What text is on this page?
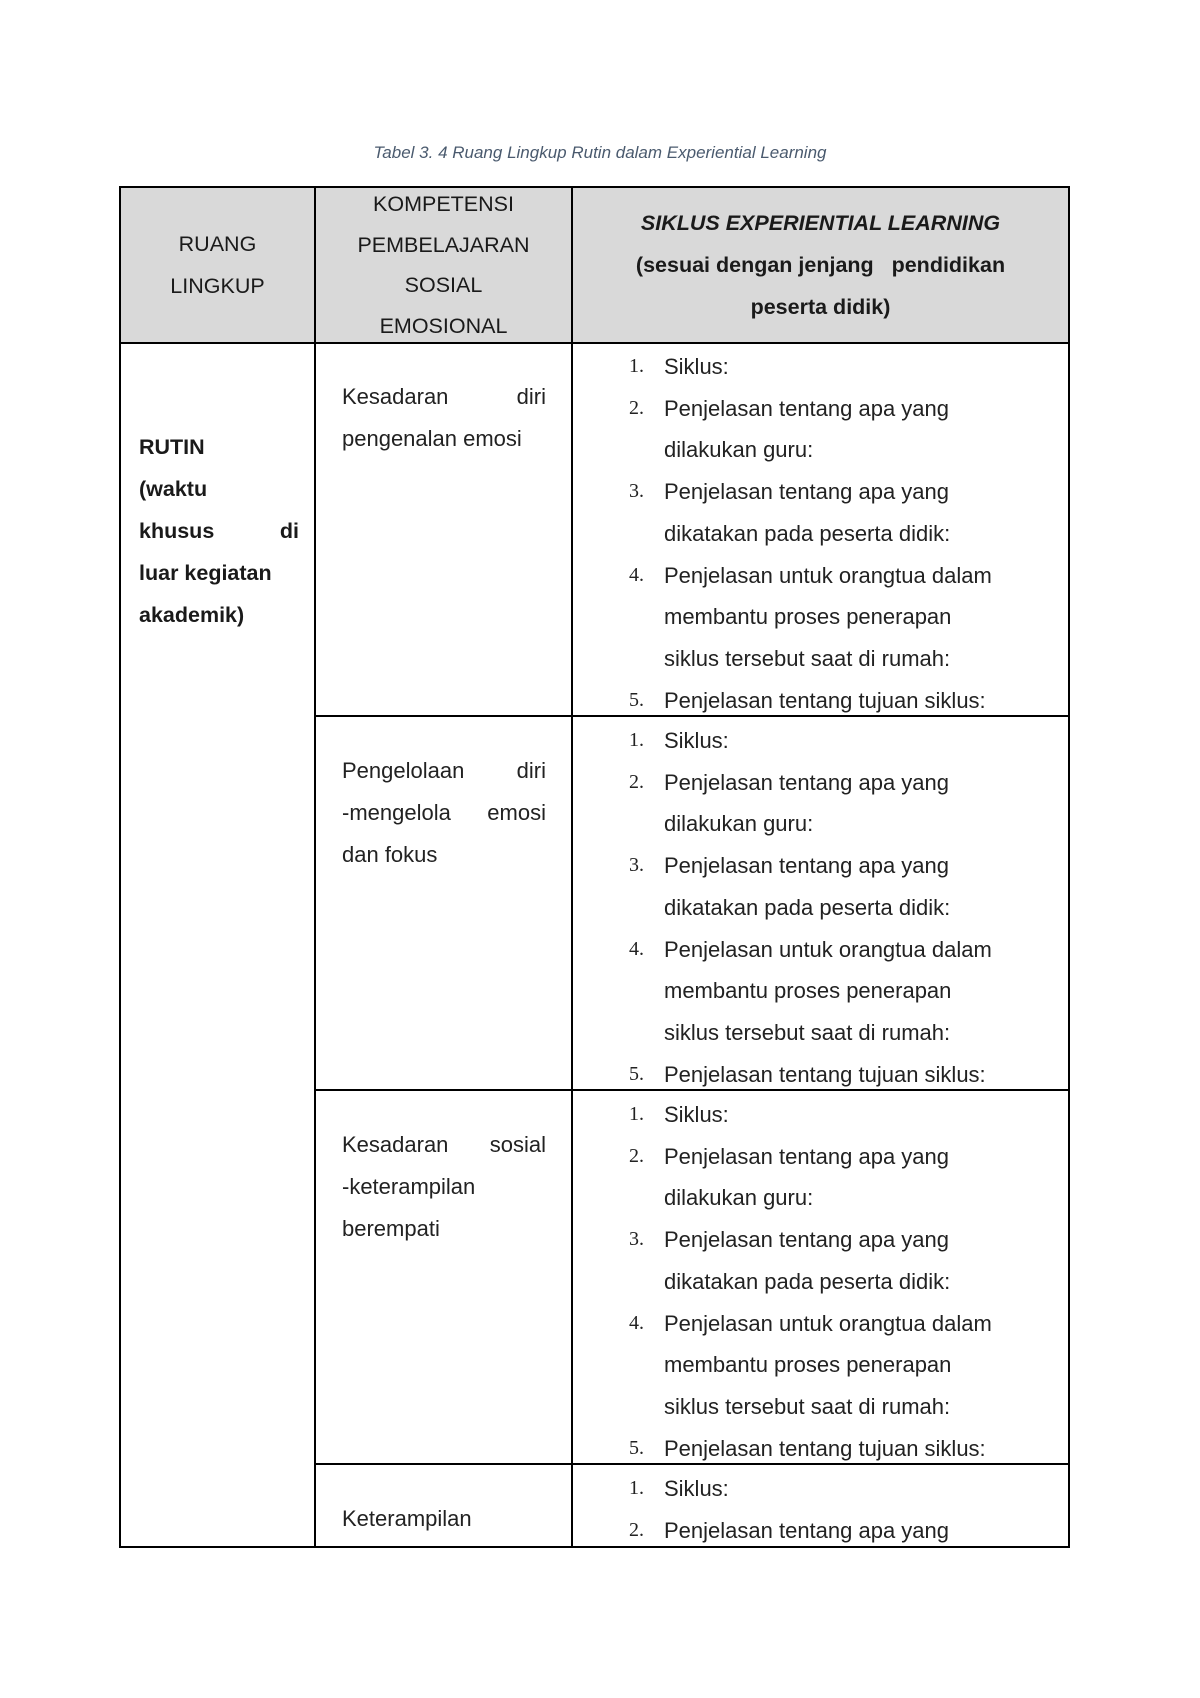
Tabel 3. 4 Ruang Lingkup Rutin dalam Experiential Learning
RUANG
LINGKUP
KOMPETENSI
PEMBELAJARAN
SOSIAL
EMOSIONAL
SIKLUS EXPERIENTIAL LEARNING
(sesuai dengan jenjang   pendidikan
peserta didik)
RUTIN
(waktu
khusus di
luar kegiatan
akademik)
Kesadaran diri
pengenalan emosi
1. Siklus:
2. Penjelasan tentang apa yang
dilakukan guru:
3. Penjelasan tentang apa yang
dikatakan pada peserta didik:
4. Penjelasan untuk orangtua dalam
membantu proses penerapan
siklus tersebut saat di rumah:
5. Penjelasan tentang tujuan siklus:
Pengelolaan diri
-mengelola emosi
dan fokus
1. Siklus:
2. Penjelasan tentang apa yang
dilakukan guru:
3. Penjelasan tentang apa yang
dikatakan pada peserta didik:
4. Penjelasan untuk orangtua dalam
membantu proses penerapan
siklus tersebut saat di rumah:
5. Penjelasan tentang tujuan siklus:
Kesadaran sosial
-keterampilan
berempati
1. Siklus:
2. Penjelasan tentang apa yang
dilakukan guru:
3. Penjelasan tentang apa yang
dikatakan pada peserta didik:
4. Penjelasan untuk orangtua dalam
membantu proses penerapan
siklus tersebut saat di rumah:
5. Penjelasan tentang tujuan siklus:
Keterampilan
1. Siklus:
2. Penjelasan tentang apa yang
